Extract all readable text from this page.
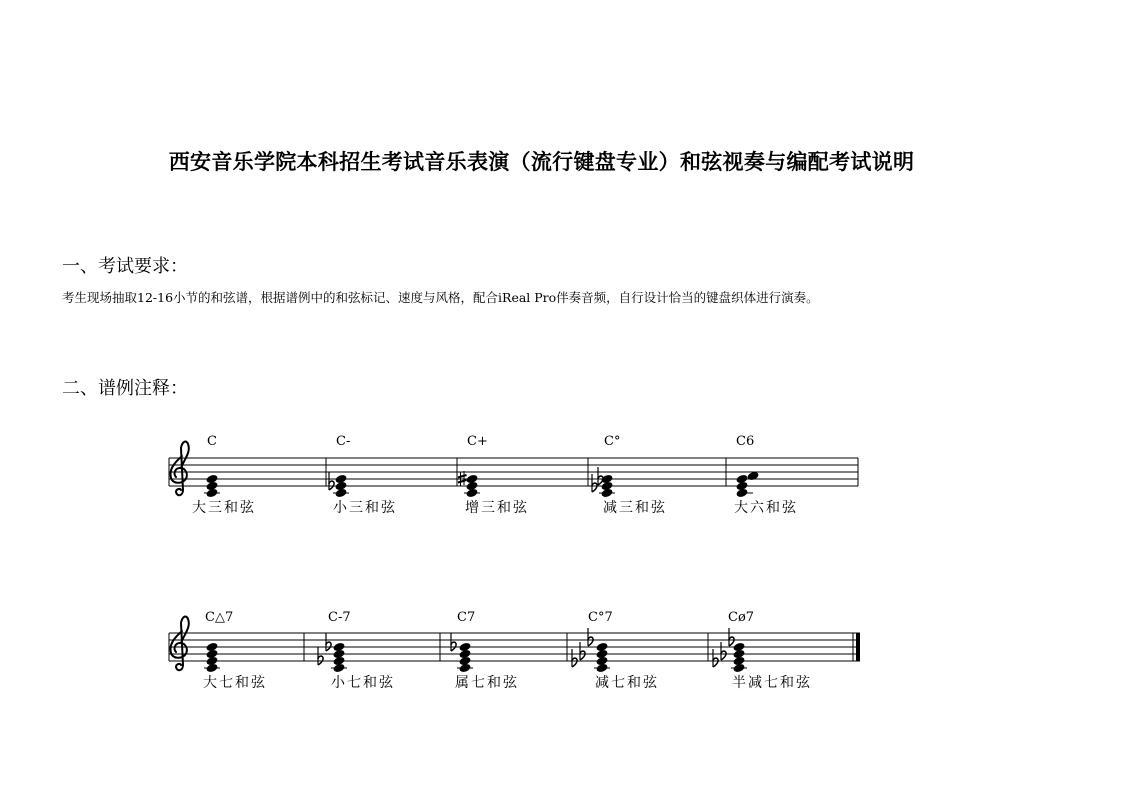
西安音乐学院本科招生考试音乐表演（流行键盘专业）和弦视奏与编配考试说明
一、考试要求：
考生现场抽取12-16小节的和弦谱，根据谱例中的和弦标记、速度与风格，配合iReal Pro伴奏音频，自行设计恰当的键盘织体进行演奏。
二、谱例注释：
C	C-	C+	C°	C6
大三和弦	小三和弦	增三和弦	减三和弦	大六和弦
C△7	C-7	C7	C°7	Cø7
大七和弦	小七和弦	属七和弦	减七和弦	半减七和弦
